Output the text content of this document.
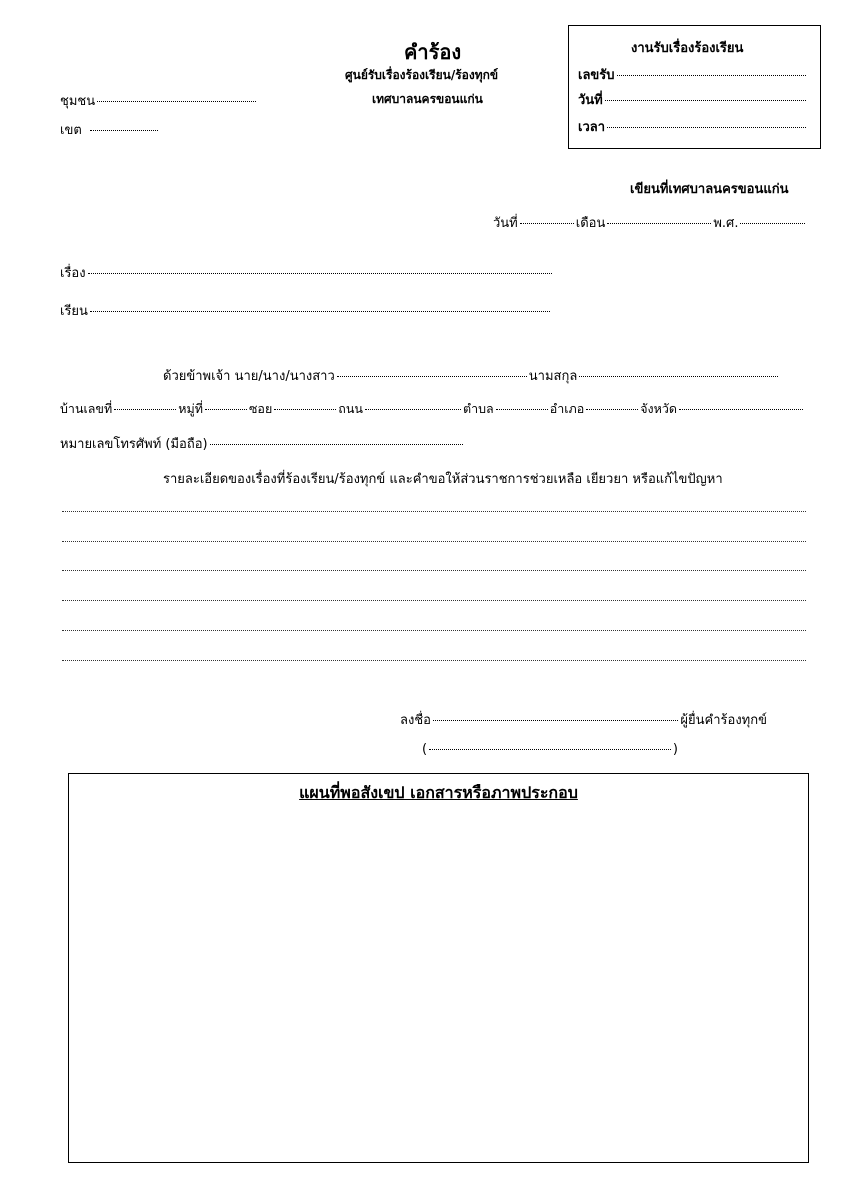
คำร้อง
ศูนย์รับเรื่องร้องเรียน/ร้องทุกข์
เทศบาลนครขอนแก่น
ชุมชน
เขต
งานรับเรื่องร้องเรียน
เลขรับ
วันที่
เวลา
เขียนที่เทศบาลนครขอนแก่น
วันที่	เดือน	พ.ศ.
เรื่อง
เรียน
ด้วยข้าพเจ้า นาย/นาง/นางสาว	นามสกุล
บ้านเลขที่	หมู่ที่	ซอย	ถนน	ตำบล	อำเภอ	จังหวัด
หมายเลขโทรศัพท์ (มือถือ)
รายละเอียดของเรื่องที่ร้องเรียน/ร้องทุกข์ และคำขอให้ส่วนราชการช่วยเหลือ เยียวยา หรือแก้ไขปัญหา
ลงชื่อ	ผู้ยื่นคำร้องทุกข์
(	)
แผนที่พอสังเขป เอกสารหรือภาพประกอบ
